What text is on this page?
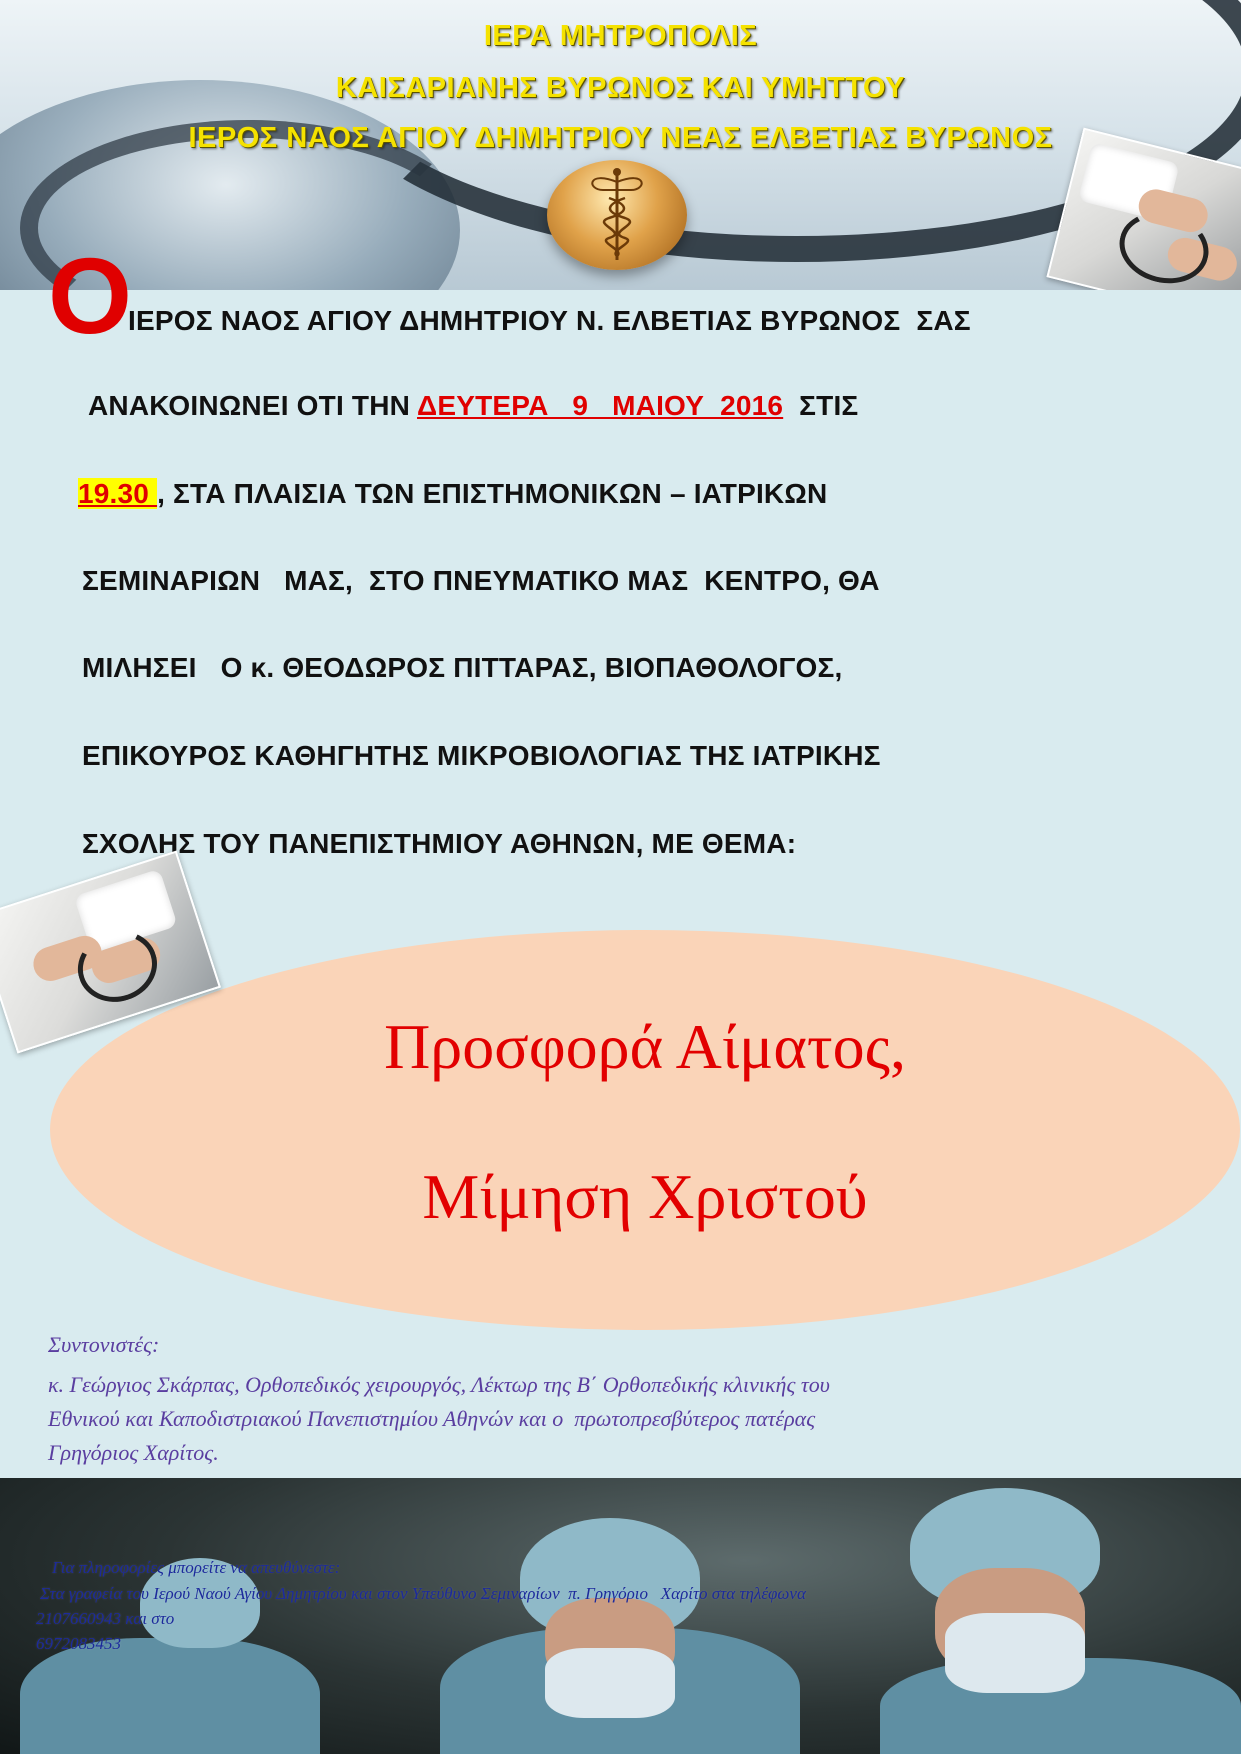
ΙΕΡΑ ΜΗΤΡΟΠΟΛΙΣ
ΚΑΙΣΑΡΙΑΝΗΣ ΒΥΡΩΝΟΣ ΚΑΙ ΥΜΗΤΤΟΥ
ΙΕΡΟΣ ΝΑΟΣ ΑΓΙΟΥ ΔΗΜΗΤΡΙΟΥ ΝΕΑΣ ΕΛΒΕΤΙΑΣ ΒΥΡΩΝΟΣ
O
ΙΕΡΟΣ ΝΑΟΣ ΑΓΙΟΥ ΔΗΜΗΤΡΙΟΥ Ν. ΕΛΒΕΤΙΑΣ ΒΥΡΩΝΟΣ  ΣΑΣ
ΑΝΑΚΟΙΝΩΝΕΙ ΟΤΙ ΤΗΝ ΔΕΥΤΕΡΑ   9   ΜΑΙΟΥ  2016  ΣΤΙΣ
19.30 , ΣΤΑ ΠΛΑΙΣΙΑ ΤΩΝ ΕΠΙΣΤΗΜΟΝΙΚΩΝ – ΙΑΤΡΙΚΩΝ
ΣΕΜΙΝΑΡΙΩΝ   ΜΑΣ,  ΣΤΟ ΠΝΕΥΜΑΤΙΚΟ ΜΑΣ  ΚΕΝΤΡΟ, ΘΑ
ΜΙΛΗΣΕΙ   Ο κ. ΘΕΟΔΩΡΟΣ ΠΙΤΤΑΡΑΣ, ΒΙΟΠΑΘΟΛΟΓΟΣ,
ΕΠΙΚΟΥΡΟΣ ΚΑΘΗΓΗΤΗΣ ΜΙΚΡΟΒΙΟΛΟΓΙΑΣ ΤΗΣ ΙΑΤΡΙΚΗΣ
ΣΧΟΛΗΣ ΤΟΥ ΠΑΝΕΠΙΣΤΗΜΙΟΥ ΑΘΗΝΩΝ, ΜΕ ΘΕΜΑ:
Προσφορά Αίματος,
Μίμηση Χριστού
Συντονιστές:
κ. Γεώργιος Σκάρπας, Ορθοπεδικός χειρουργός, Λέκτωρ της Β΄ Ορθοπεδικής κλινικής του
Εθνικού και Καποδιστριακού Πανεπιστημίου Αθηνών και ο  πρωτοπρεσβύτερος πατέρας
Γρηγόριος Χαρίτος.
Για πληροφορίες μπορείτε να απευθύνεστε:
Στα γραφεία του Ιερού Ναού Αγίου Δημητρίου και στον Υπεύθυνο Σεμιναρίων  π. Γρηγόριο   Χαρίτο στα τηλέφωνα
2107660943 και στο
6972083453
